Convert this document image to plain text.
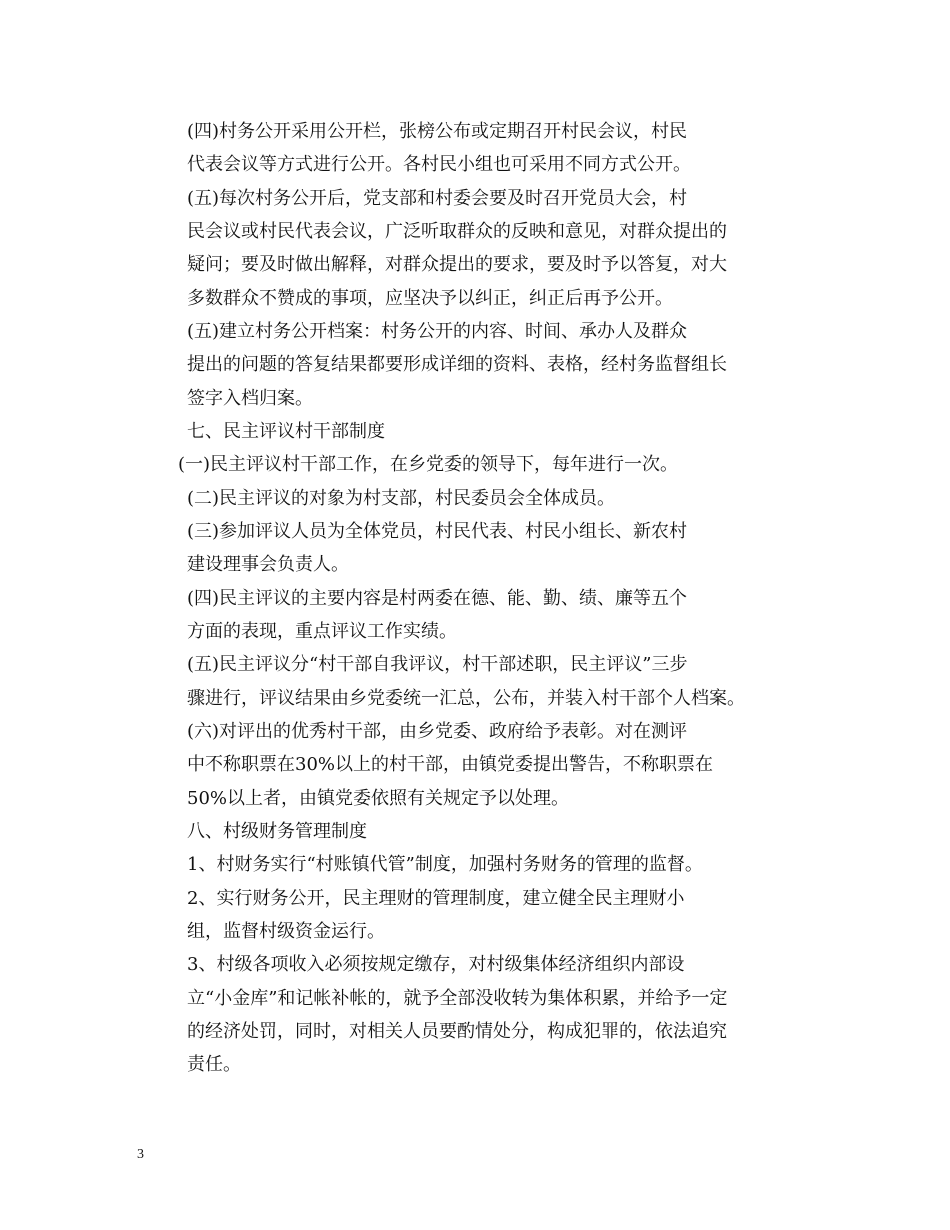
(四)村务公开采用公开栏，张榜公布或定期召开村民会议，村民
代表会议等方式进行公开。各村民小组也可采用不同方式公开。
(五)每次村务公开后，党支部和村委会要及时召开党员大会，村
民会议或村民代表会议，广泛听取群众的反映和意见，对群众提出的
疑问；要及时做出解释，对群众提出的要求，要及时予以答复，对大
多数群众不赞成的事项，应坚决予以纠正，纠正后再予公开。
(五)建立村务公开档案：村务公开的内容、时间、承办人及群众
提出的问题的答复结果都要形成详细的资料、表格，经村务监督组长
签字入档归案。
七、民主评议村干部制度
(一)民主评议村干部工作，在乡党委的领导下，每年进行一次。
(二)民主评议的对象为村支部，村民委员会全体成员。
(三)参加评议人员为全体党员，村民代表、村民小组长、新农村
建设理事会负责人。
(四)民主评议的主要内容是村两委在德、能、勤、绩、廉等五个
方面的表现，重点评议工作实绩。
(五)民主评议分“村干部自我评议，村干部述职，民主评议”三步
骤进行，评议结果由乡党委统一汇总，公布，并装入村干部个人档案。
(六)对评出的优秀村干部，由乡党委、政府给予表彰。对在测评
中不称职票在30%以上的村干部，由镇党委提出警告，不称职票在
50%以上者，由镇党委依照有关规定予以处理。
八、村级财务管理制度
1、村财务实行“村账镇代管”制度，加强村务财务的管理的监督。
2、实行财务公开，民主理财的管理制度，建立健全民主理财小
组，监督村级资金运行。
3、村级各项收入必须按规定缴存，对村级集体经济组织内部设
立“小金库”和记帐补帐的，就予全部没收转为集体积累，并给予一定
的经济处罚，同时，对相关人员要酌情处分，构成犯罪的，依法追究
责任。
3
